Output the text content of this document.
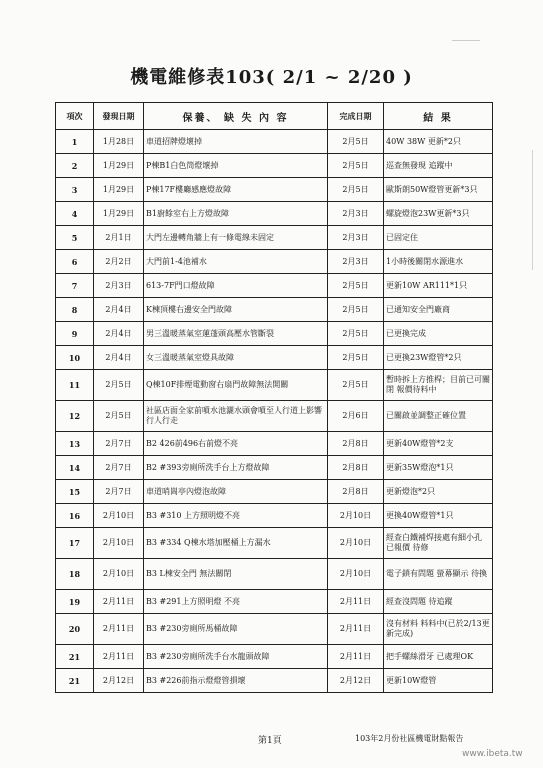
機電維修表103( 2/1 ~ 2/20 )
項次	發現日期	保養、 缺 失 內 容	完成日期	結 果
1	1月28日	車道招牌燈壞掉	2月5日	40W 38W 更新*2只
2	1月29日	P棟B1白色筒燈壞掉	2月5日	巡查無發現 追蹤中
3	1月29日	P棟17F樓廳感應燈故障	2月5日	歐斯朗50W燈管更新*3只
4	1月29日	B1廚餘室右上方燈故障	2月3日	螺旋燈泡23W更新*3只
5	2月1日	大門左邊轉角牆上有一條電線未固定	2月3日	已固定住
6	2月2日	大門前1-4池補水	2月3日	1小時後關閉水源進水
7	2月3日	613-7F門口燈故障	2月5日	更新10W AR111*1只
8	2月4日	K棟頂樓右邊安全門故障	2月5日	已通知安全門廠商
9	2月4日	男三溫暖蒸氣室蓮蓬頭高壓水管斷裂	2月5日	已更換完成
10	2月4日	女三溫暖蒸氣室燈具故障	2月5日	已更換23W燈管*2只
11	2月5日	Q棟10F排煙電動窗右扇門故障無法開關	2月5日	暫時拆上方推桿；目前已可關閉 報價待料中
12	2月5日	社區店面全家前噴水池灑水頭會噴至人行道上影響行人行走	2月6日	已關啟並調整正確位置
13	2月7日	B2 426前496右前燈不亮	2月8日	更新40W燈管*2支
14	2月7日	B2 #393旁廁所洗手台上方燈故障	2月8日	更新35W燈泡*1只
15	2月7日	車道哨崗亭內燈泡故障	2月8日	更新燈泡*2只
16	2月10日	B3 #310 上方照明燈不亮	2月10日	更換40W燈管*1只
17	2月10日	B3 #334 Q棟水塔加壓桶上方漏水	2月10日	經查白鐵補焊接處有細小孔 已報價 待修
18	2月10日	B3 L棟安全門 無法關閉	2月10日	電子鎖有問題 螢幕顯示 待換
19	2月11日	B3 #291上方照明燈 不亮	2月11日	經查沒問題 待追蹤
20	2月11日	B3 #230旁廁所馬桶故障	2月11日	沒有材料 料料中(已於2/13更新完成)
21	2月11日	B3 #230旁廁所洗手台水龍頭故障	2月11日	把手螺絲滑牙 已處理OK
21	2月12日	B3 #226前指示燈燈管損壞	2月12日	更新10W燈管
第1頁	103年2月份社區機電財點報告
www.ibeta.tw
